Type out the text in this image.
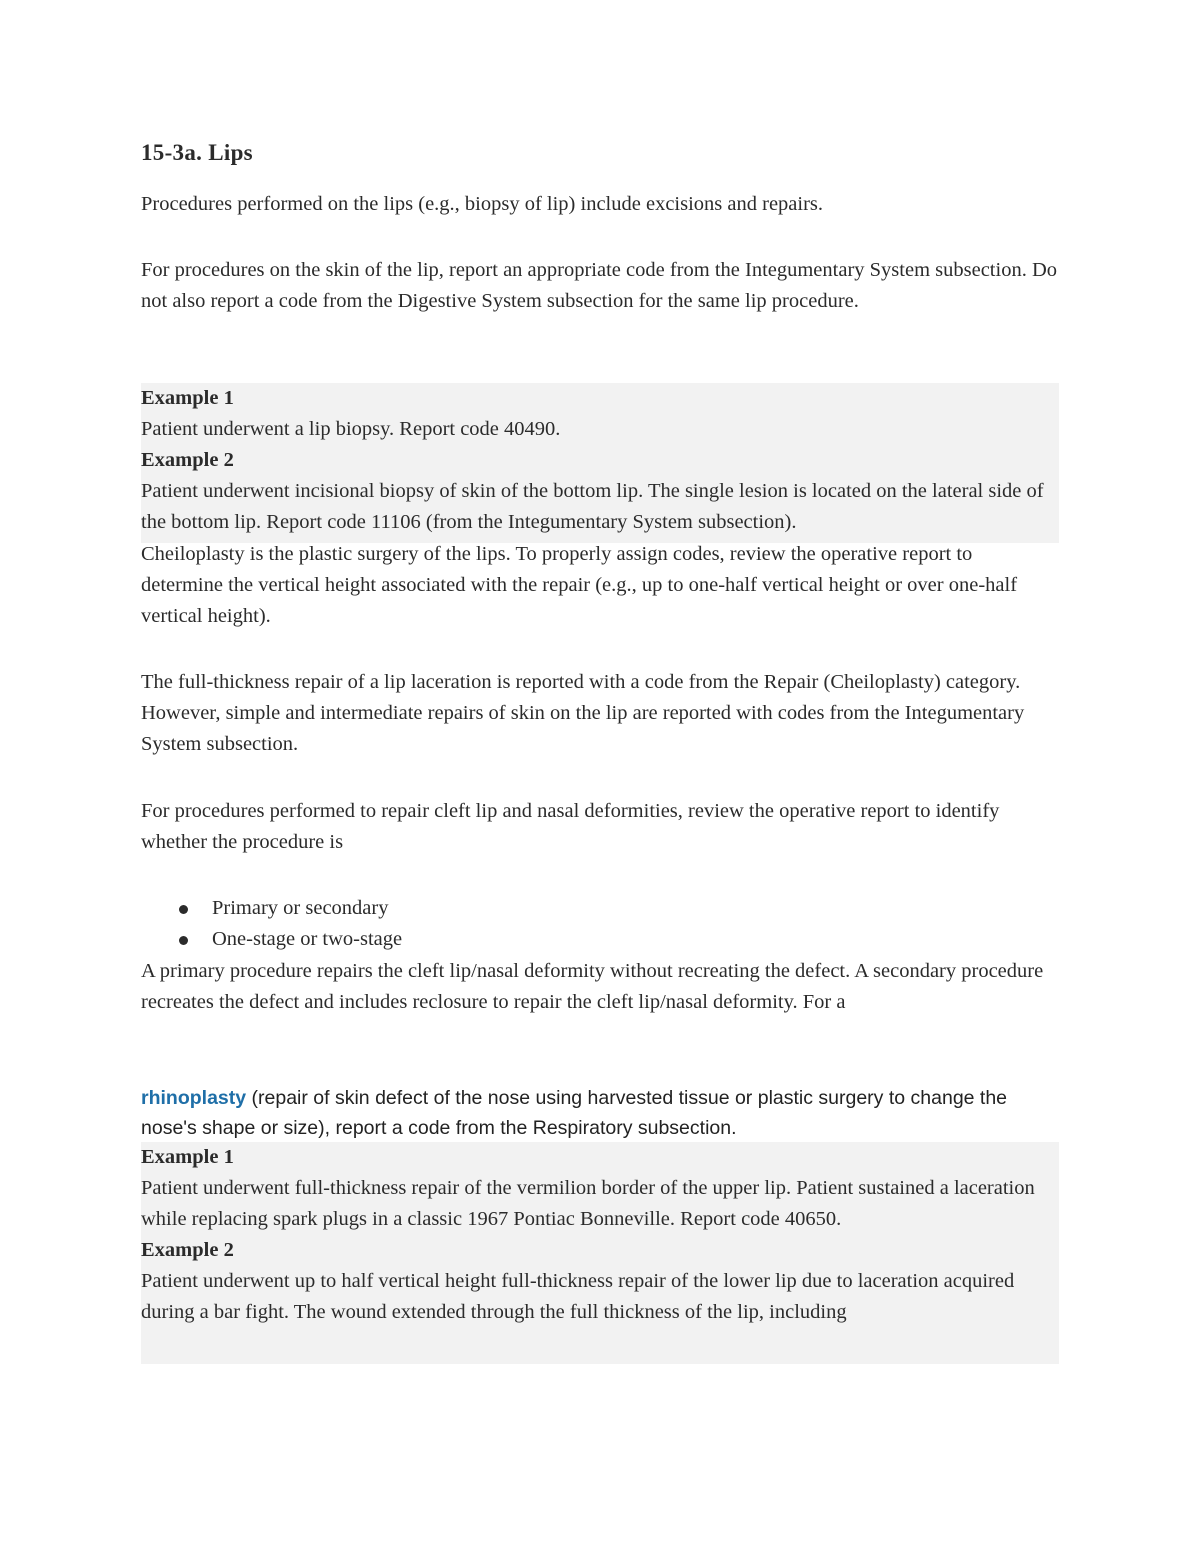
15-3a. Lips

Procedures performed on the lips (e.g., biopsy of lip) include excisions and repairs.

For procedures on the skin of the lip, report an appropriate code from the Integumentary System subsection. Do not also report a code from the Digestive System subsection for the same lip procedure.

Example 1
Patient underwent a lip biopsy. Report code 40490.
Example 2
Patient underwent incisional biopsy of skin of the bottom lip. The single lesion is located on the lateral side of the bottom lip. Report code 11106 (from the Integumentary System subsection).

Cheiloplasty is the plastic surgery of the lips. To properly assign codes, review the operative report to determine the vertical height associated with the repair (e.g., up to one-half vertical height or over one-half vertical height).

The full-thickness repair of a lip laceration is reported with a code from the Repair (Cheiloplasty) category. However, simple and intermediate repairs of skin on the lip are reported with codes from the Integumentary System subsection.

For procedures performed to repair cleft lip and nasal deformities, review the operative report to identify whether the procedure is

Primary or secondary
One-stage or two-stage

A primary procedure repairs the cleft lip/nasal deformity without recreating the defect. A secondary procedure recreates the defect and includes reclosure to repair the cleft lip/nasal deformity. For a

rhinoplasty (repair of skin defect of the nose using harvested tissue or plastic surgery to change the nose's shape or size), report a code from the Respiratory subsection.

Example 1
Patient underwent full-thickness repair of the vermilion border of the upper lip. Patient sustained a laceration while replacing spark plugs in a classic 1967 Pontiac Bonneville. Report code 40650.
Example 2
Patient underwent up to half vertical height full-thickness repair of the lower lip due to laceration acquired during a bar fight. The wound extended through the full thickness of the lip, including
